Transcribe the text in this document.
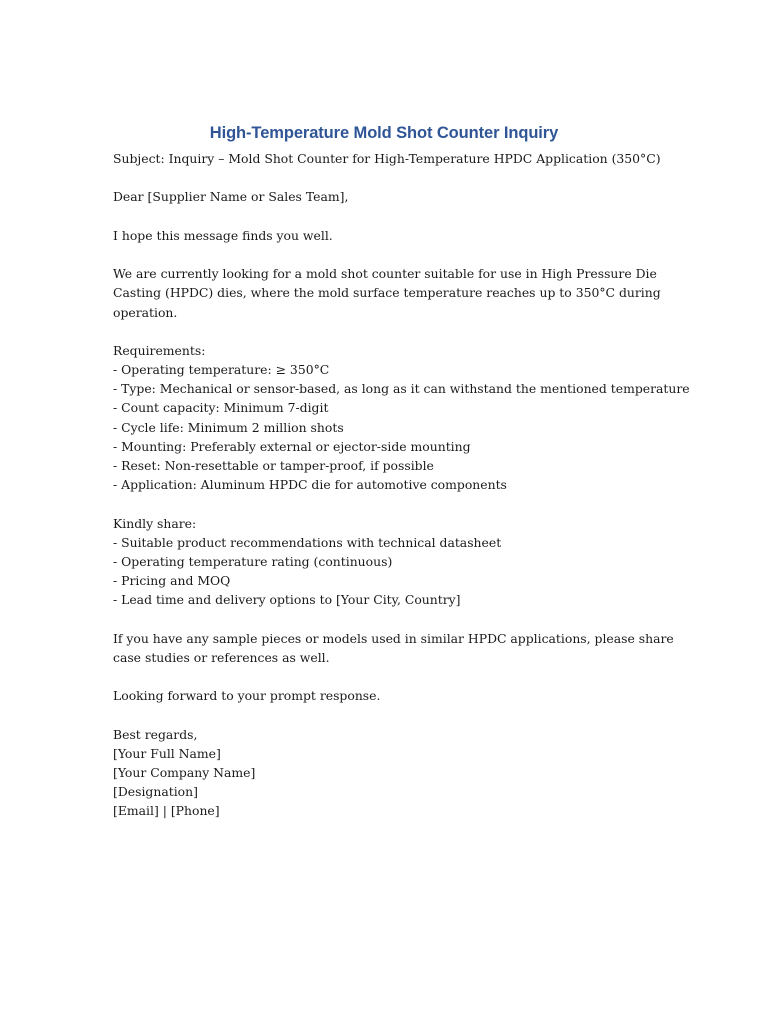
High-Temperature Mold Shot Counter Inquiry
Subject: Inquiry – Mold Shot Counter for High-Temperature HPDC Application (350°C)
Dear [Supplier Name or Sales Team],
I hope this message finds you well.
We are currently looking for a mold shot counter suitable for use in High Pressure Die
Casting (HPDC) dies, where the mold surface temperature reaches up to 350°C during
operation.
Requirements:
- Operating temperature: ≥ 350°C
- Type: Mechanical or sensor-based, as long as it can withstand the mentioned temperature
- Count capacity: Minimum 7-digit
- Cycle life: Minimum 2 million shots
- Mounting: Preferably external or ejector-side mounting
- Reset: Non-resettable or tamper-proof, if possible
- Application: Aluminum HPDC die for automotive components
Kindly share:
- Suitable product recommendations with technical datasheet
- Operating temperature rating (continuous)
- Pricing and MOQ
- Lead time and delivery options to [Your City, Country]
If you have any sample pieces or models used in similar HPDC applications, please share
case studies or references as well.
Looking forward to your prompt response.
Best regards,
[Your Full Name]
[Your Company Name]
[Designation]
[Email] | [Phone]
